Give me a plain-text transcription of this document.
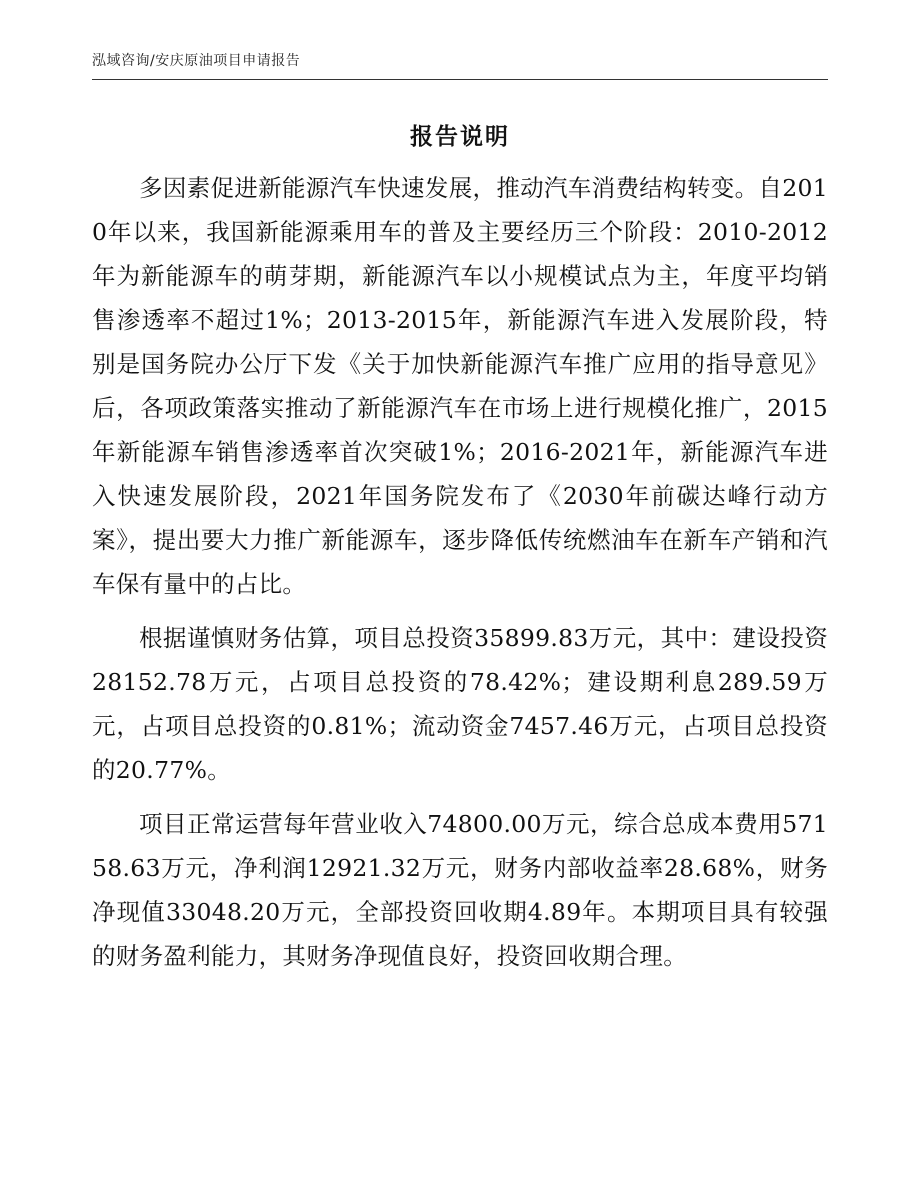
泓域咨询/安庆原油项目申请报告
报告说明

多因素促进新能源汽车快速发展，推动汽车消费结构转变。自2010年以来，我国新能源乘用车的普及主要经历三个阶段：2010-2012年为新能源车的萌芽期，新能源汽车以小规模试点为主，年度平均销售渗透率不超过1%；2013-2015年，新能源汽车进入发展阶段，特别是国务院办公厅下发《关于加快新能源汽车推广应用的指导意见》后，各项政策落实推动了新能源汽车在市场上进行规模化推广，2015年新能源车销售渗透率首次突破1%；2016-2021年，新能源汽车进入快速发展阶段，2021年国务院发布了《2030年前碳达峰行动方案》，提出要大力推广新能源车，逐步降低传统燃油车在新车产销和汽车保有量中的占比。

根据谨慎财务估算，项目总投资35899.83万元，其中：建设投资28152.78万元，占项目总投资的78.42%；建设期利息289.59万元，占项目总投资的0.81%；流动资金7457.46万元，占项目总投资的20.77%。

项目正常运营每年营业收入74800.00万元，综合总成本费用57158.63万元，净利润12921.32万元，财务内部收益率28.68%，财务净现值33048.20万元，全部投资回收期4.89年。本期项目具有较强的财务盈利能力，其财务净现值良好，投资回收期合理。
